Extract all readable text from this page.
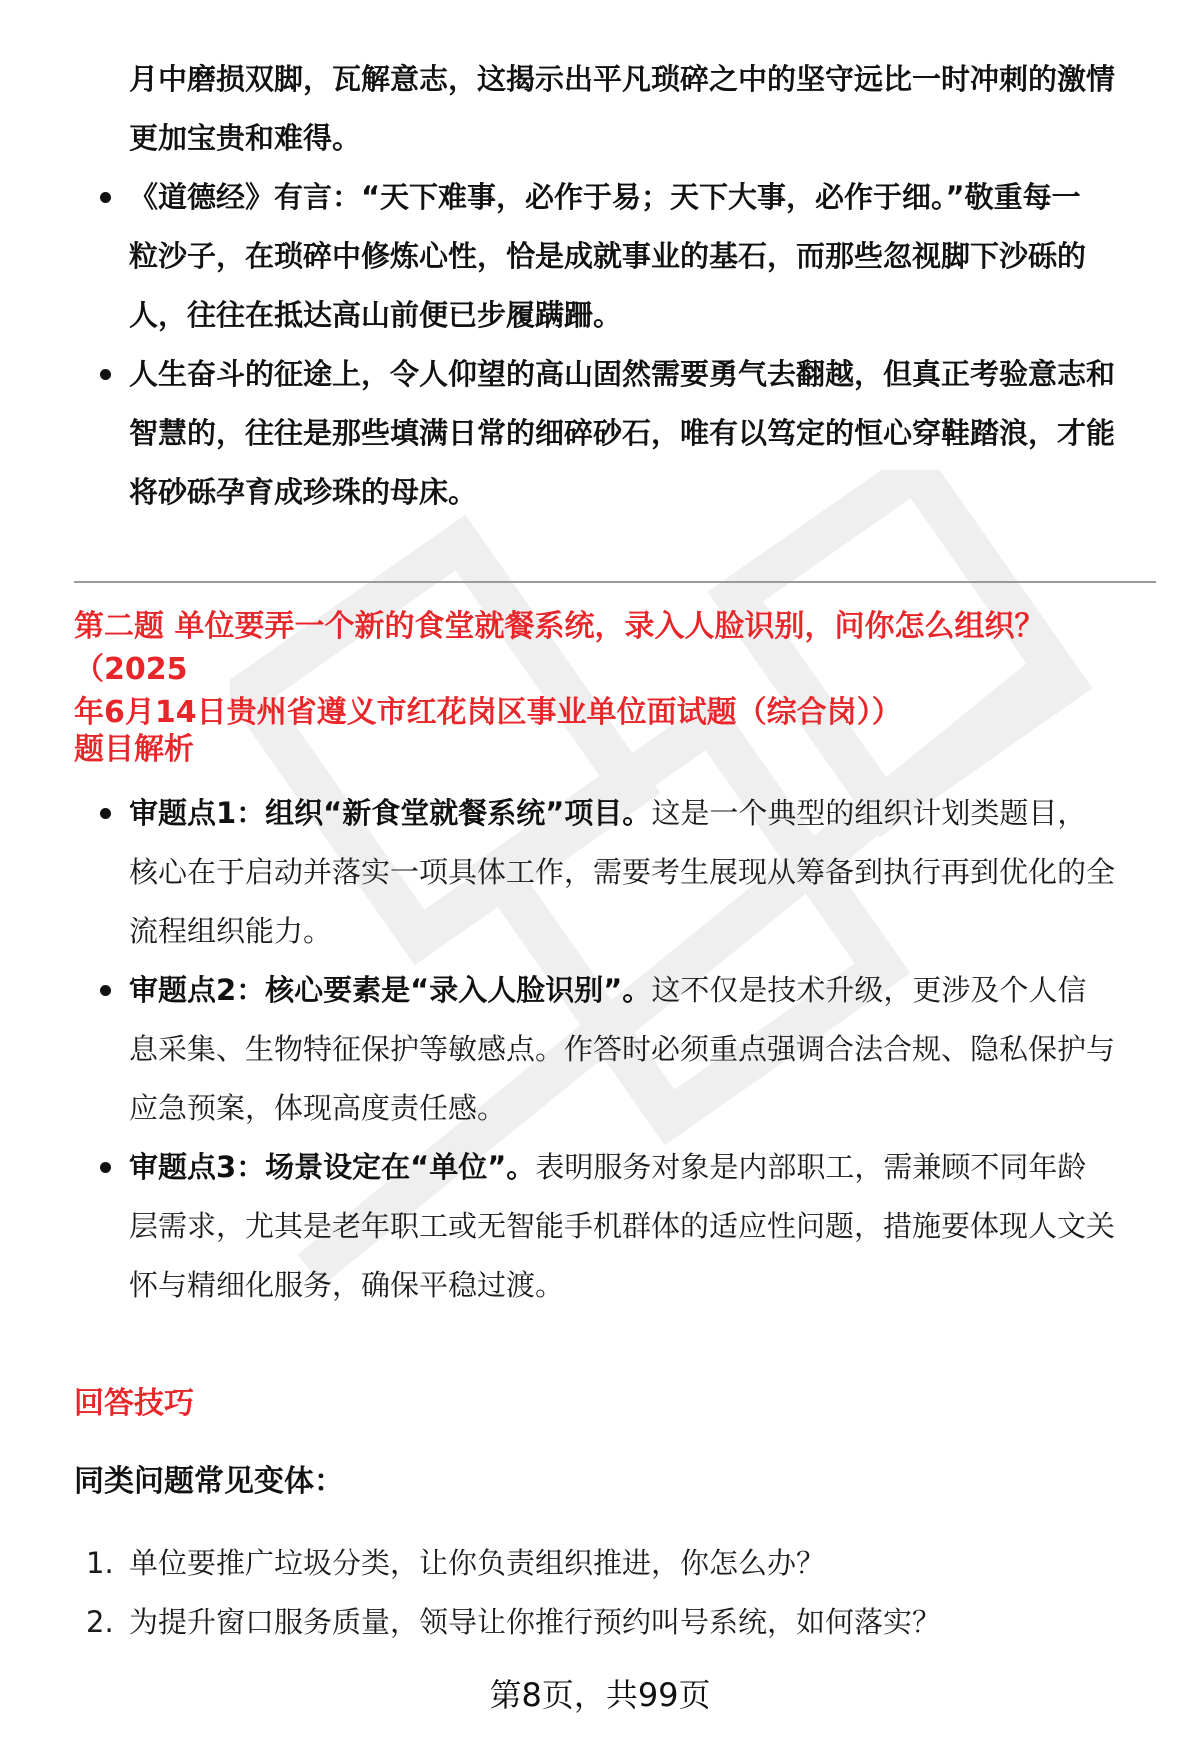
月中磨损双脚，瓦解意志，这揭示出平凡琐碎之中的坚守远比一时冲刺的激情
更加宝贵和难得。
《道德经》有言：“天下难事，必作于易；天下大事，必作于细。”敬重每一
粒沙子，在琐碎中修炼心性，恰是成就事业的基石，而那些忽视脚下沙砾的
人，往往在抵达高山前便已步履蹒跚。
人生奋斗的征途上，令人仰望的高山固然需要勇气去翻越，但真正考验意志和
智慧的，往往是那些填满日常的细碎砂石，唯有以笃定的恒心穿鞋踏浪，才能
将砂砾孕育成珍珠的母床。
第二题 单位要弄一个新的食堂就餐系统，录入人脸识别，问你怎么组织？（2025
年6月14日贵州省遵义市红花岗区事业单位面试题（综合岗））
题目解析
审题点1：组织“新食堂就餐系统”项目。这是一个典型的组织计划类题目，
核心在于启动并落实一项具体工作，需要考生展现从筹备到执行再到优化的全
流程组织能力。
审题点2：核心要素是“录入人脸识别”。这不仅是技术升级，更涉及个人信
息采集、生物特征保护等敏感点。作答时必须重点强调合法合规、隐私保护与
应急预案，体现高度责任感。
审题点3：场景设定在“单位”。表明服务对象是内部职工，需兼顾不同年龄
层需求，尤其是老年职工或无智能手机群体的适应性问题，措施要体现人文关
怀与精细化服务，确保平稳过渡。
回答技巧
同类问题常见变体：
1. 单位要推广垃圾分类，让你负责组织推进，你怎么办？
2. 为提升窗口服务质量，领导让你推行预约叫号系统，如何落实？
第8页，共99页
